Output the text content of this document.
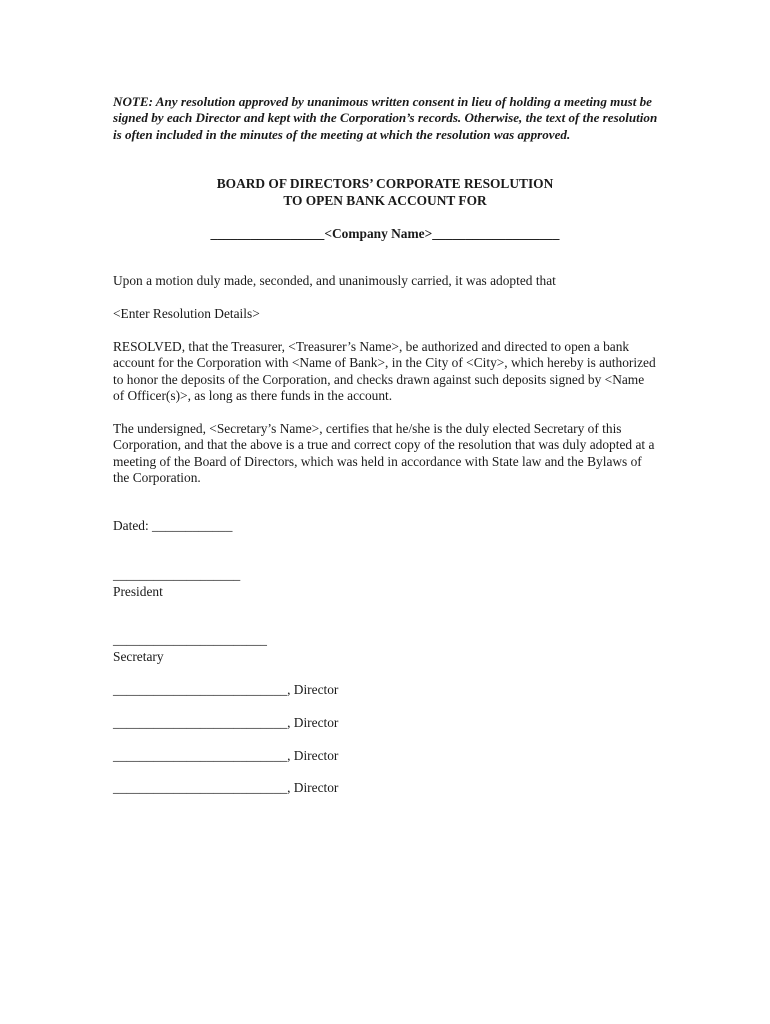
NOTE: Any resolution approved by unanimous written consent in lieu of holding a meeting must be signed by each Director and kept with the Corporation’s records. Otherwise, the text of the resolution is often included in the minutes of the meeting at which the resolution was approved.

BOARD OF DIRECTORS’ CORPORATE RESOLUTION

TO OPEN BANK ACCOUNT FOR

_________________<Company Name>___________________

Upon a motion duly made, seconded, and unanimously carried, it was adopted that

<Enter Resolution Details>

RESOLVED, that the Treasurer, <Treasurer’s Name>, be authorized and directed to open a bank account for the Corporation with <Name of Bank>, in the City of <City>, which hereby is authorized to honor the deposits of the Corporation, and checks drawn against such deposits signed by <Name of Officer(s)>, as long as there funds in the account.

The undersigned, <Secretary’s Name>, certifies that he/she is the duly elected Secretary of this Corporation, and that the above is a true and correct copy of the resolution that was duly adopted at a meeting of the Board of Directors, which was held in accordance with State law and the Bylaws of the Corporation.

Dated: ____________

___________________

President

_______________________

Secretary

__________________________, Director

__________________________, Director

__________________________, Director

__________________________, Director
